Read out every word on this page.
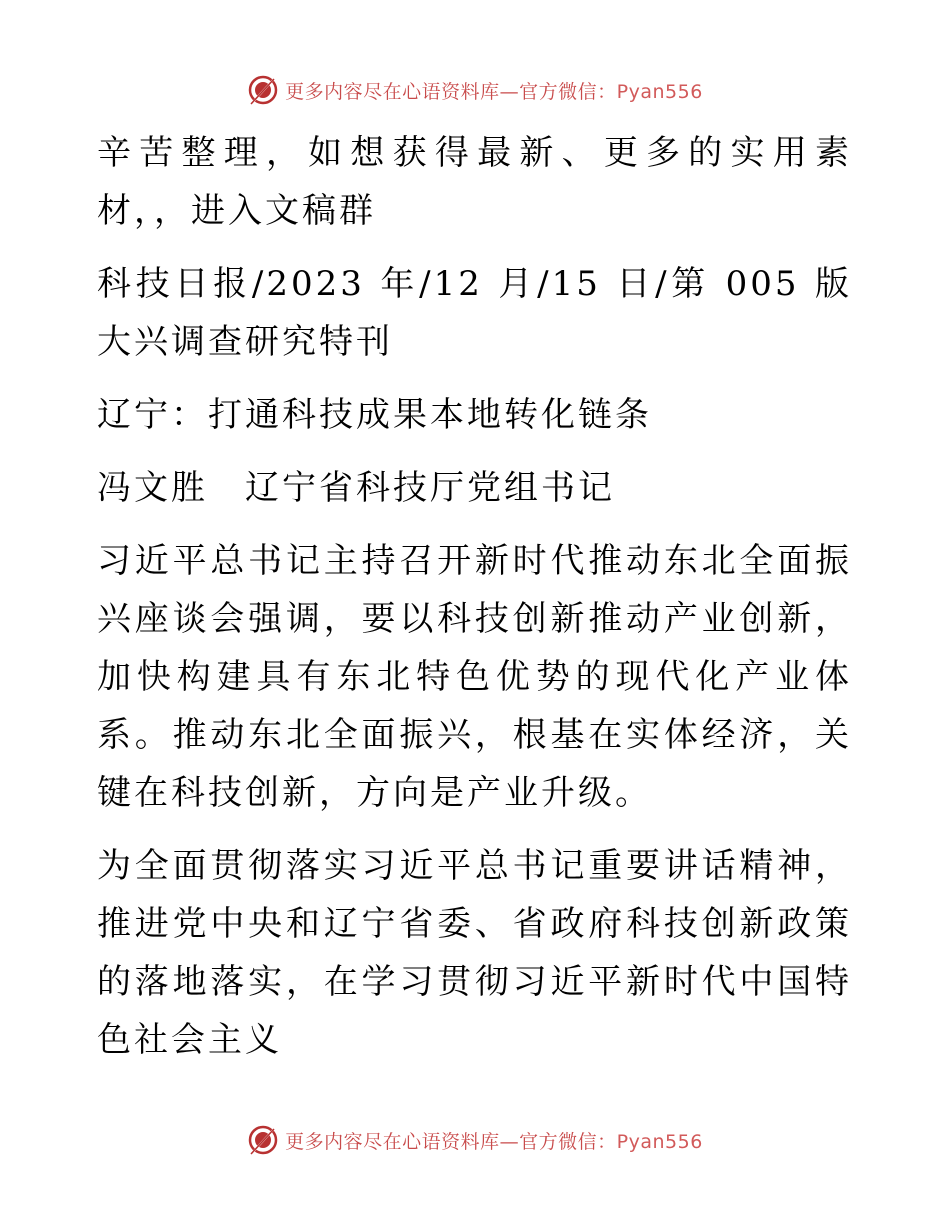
更多内容尽在心语资料库—官方微信：Pyan556

辛苦整理，如想获得最新、更多的实用素材，，进入文稿群

科技日报/2023 年/12 月/15 日/第 005 版大兴调查研究特刊

辽宁：打通科技成果本地转化链条

冯文胜　辽宁省科技厅党组书记

习近平总书记主持召开新时代推动东北全面振兴座谈会强调，要以科技创新推动产业创新，加快构建具有东北特色优势的现代化产业体系。推动东北全面振兴，根基在实体经济，关键在科技创新，方向是产业升级。

为全面贯彻落实习近平总书记重要讲话精神，推进党中央和辽宁省委、省政府科技创新政策的落地落实，在学习贯彻习近平新时代中国特色社会主义

更多内容尽在心语资料库—官方微信：Pyan556
